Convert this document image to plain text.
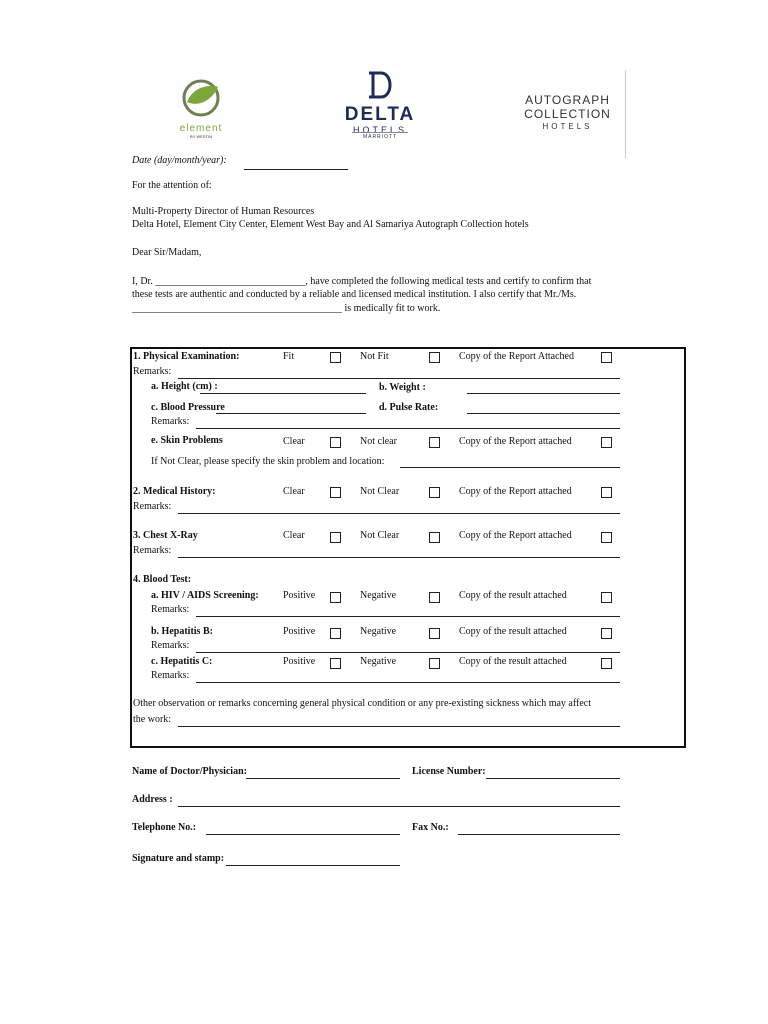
element
BY WESTIN
DELTA
HOTELS
MARRIOTT
AUTOGRAPH
COLLECTION
HOTELS
Date (day/month/year):
For the attention of:
Multi-Property Director of Human Resources
Delta Hotel, Element City Center, Element West Bay and Al Samariya Autograph Collection hotels
Dear Sir/Madam,
I, Dr. ______________________________, have completed the following medical tests and certify to confirm that
these tests are authentic and conducted by a reliable and licensed medical institution. I also certify that Mr./Ms.
__________________________________________ is medically fit to work.
1. Physical Examination:	Fit	Not Fit	Copy of the Report Attached
Remarks:
a. Height (cm) :	b. Weight :
c. Blood Pressure	d. Pulse Rate:
Remarks:
e. Skin Problems	Clear	Not clear	Copy of the Report attached
If Not Clear, please specify the skin problem and location:
2. Medical History:	Clear	Not Clear	Copy of the Report attached
Remarks:
3. Chest X-Ray	Clear	Not Clear	Copy of the Report attached
Remarks:
4. Blood Test:
a. HIV / AIDS Screening: Positive	Negative	Copy of the result attached
Remarks:
b. Hepatitis B:	Positive	Negative	Copy of the result attached
Remarks:
c. Hepatitis C:	Positive	Negative	Copy of the result attached
Remarks:
Other observation or remarks concerning general physical condition or any pre-existing sickness which may affect
the work:
Name of Doctor/Physician:	License Number:
Address :
Telephone No.:	Fax No.:
Signature and stamp:
